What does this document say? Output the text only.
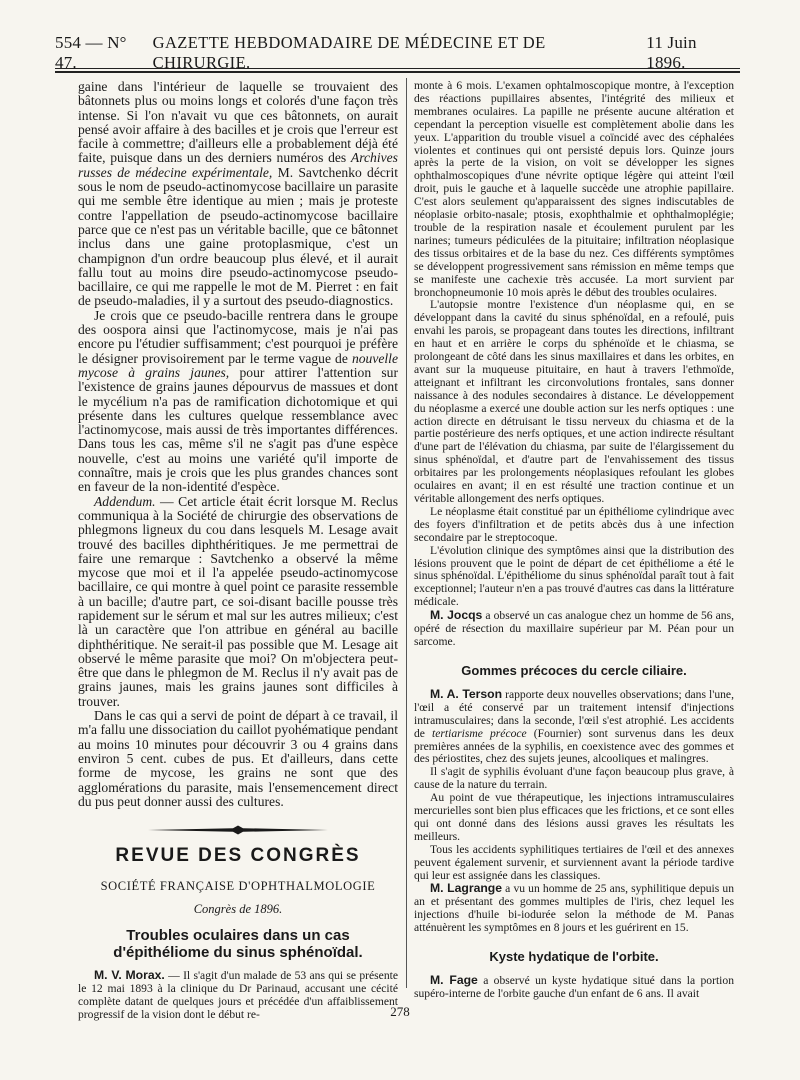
554 — N° 47.
GAZETTE HEBDOMADAIRE DE MÉDECINE ET DE CHIRURGIE.
11 Juin 1896.

gaine dans l'intérieur de laquelle se trouvaient des bâtonnets plus ou moins longs et colorés d'une façon très intense. Si l'on n'avait vu que ces bâtonnets, on aurait pensé avoir affaire à des bacilles et je crois que l'erreur est facile à commettre; d'ailleurs elle a probablement déjà été faite, puisque dans un des derniers numéros des Archives russes de médecine expérimentale, M. Savtchenko décrit sous le nom de pseudo-actinomycose bacillaire un parasite qui me semble être identique au mien ; mais je proteste contre l'appellation de pseudo-actinomycose bacillaire parce que ce n'est pas un véritable bacille, que ce bâtonnet inclus dans une gaine protoplasmique, c'est un champignon d'un ordre beaucoup plus élevé, et il aurait fallu tout au moins dire pseudo-actinomycose pseudo-bacillaire, ce qui me rappelle le mot de M. Pierret : en fait de pseudo-maladies, il y a surtout des pseudo-diagnostics.

Je crois que ce pseudo-bacille rentrera dans le groupe des oospora ainsi que l'actinomycose, mais je n'ai pas encore pu l'étudier suffisamment; c'est pourquoi je préfère le désigner provisoirement par le terme vague de nouvelle mycose à grains jaunes, pour attirer l'attention sur l'existence de grains jaunes dépourvus de massues et dont le mycélium n'a pas de ramification dichotomique et qui présente dans les cultures quelque ressemblance avec l'actinomycose, mais aussi de très importantes différences. Dans tous les cas, même s'il ne s'agit pas d'une espèce nouvelle, c'est au moins une variété qu'il importe de connaître, mais je crois que les plus grandes chances sont en faveur de la non-identité d'espèce.

Addendum. — Cet article était écrit lorsque M. Reclus communiqua à la Société de chirurgie des observations de phlegmons ligneux du cou dans lesquels M. Lesage avait trouvé des bacilles diphthéritiques. Je me permettrai de faire une remarque : Savtchenko a observé la même mycose que moi et il l'a appelée pseudo-actinomycose bacillaire, ce qui montre à quel point ce parasite ressemble à un bacille; d'autre part, ce soi-disant bacille pousse très rapidement sur le sérum et mal sur les autres milieux; c'est là un caractère que l'on attribue en général au bacille diphthéritique. Ne serait-il pas possible que M. Lesage ait observé le même parasite que moi? On m'objectera peut-être que dans le phlegmon de M. Reclus il n'y avait pas de grains jaunes, mais les grains jaunes sont difficiles à trouver.

Dans le cas qui a servi de point de départ à ce travail, il m'a fallu une dissociation du caillot pyohématique pendant au moins 10 minutes pour découvrir 3 ou 4 grains dans environ 5 cent. cubes de pus. Et d'ailleurs, dans cette forme de mycose, les grains ne sont que des agglomérations du parasite, mais l'ensemencement direct du pus peut donner aussi des cultures.

REVUE DES CONGRÈS
SOCIÉTÉ FRANÇAISE D'OPHTHALMOLOGIE
Congrès de 1896.
Troubles oculaires dans un cas d'épithéliome du sinus sphénoïdal.

M. V. Morax. — Il s'agit d'un malade de 53 ans qui se présente le 12 mai 1893 à la clinique du Dr Parinaud, accusant une cécité complète datant de quelques jours et précédée d'un affaiblissement progressif de la vision dont le début re-

monte à 6 mois. L'examen ophtalmoscopique montre, à l'exception des réactions pupillaires absentes, l'intégrité des milieux et membranes oculaires. La papille ne présente aucune altération et cependant la perception visuelle est complètement abolie dans les yeux. L'apparition du trouble visuel a coïncidé avec des céphalées violentes et continues qui ont persisté depuis lors. Quinze jours après la perte de la vision, on voit se développer les signes ophthalmoscopiques d'une névrite optique légère qui atteint l'œil droit, puis le gauche et à laquelle succède une atrophie papillaire. C'est alors seulement qu'apparaissent des signes indiscutables de néoplasie orbito-nasale; ptosis, exophthalmie et ophthalmoplégie; trouble de la respiration nasale et écoulement purulent par les narines; tumeurs pédiculées de la pituitaire; infiltration néoplasique des tissus orbitaires et de la base du nez. Ces différents symptômes se développent progressivement sans rémission en même temps que se manifeste une cachexie très accusée. La mort survient par bronchopneumonie 10 mois après le début des troubles oculaires.

L'autopsie montre l'existence d'un néoplasme qui, en se développant dans la cavité du sinus sphénoïdal, en a refoulé, puis envahi les parois, se propageant dans toutes les directions, infiltrant en haut et en arrière le corps du sphénoïde et le chiasma, se prolongeant de côté dans les sinus maxillaires et dans les orbites, en avant sur la muqueuse pituitaire, en haut à travers l'ethmoïde, atteignant et infiltrant les circonvolutions frontales, sans donner naissance à des nodules secondaires à distance. Le développement du néoplasme a exercé une double action sur les nerfs optiques : une action directe en détruisant le tissu nerveux du chiasma et de la partie postérieure des nerfs optiques, et une action indirecte résultant d'une part de l'élévation du chiasma, par suite de l'élargissement du sinus sphénoïdal, et d'autre part de l'envahissement des tissus orbitaires par les prolongements néoplasiques refoulant les globes oculaires en avant; il en est résulté une traction continue et un véritable allongement des nerfs optiques.

Le néoplasme était constitué par un épithéliome cylindrique avec des foyers d'infiltration et de petits abcès dus à une infection secondaire par le streptocoque.

L'évolution clinique des symptômes ainsi que la distribution des lésions prouvent que le point de départ de cet épithéliome a été le sinus sphénoïdal. L'épithéliome du sinus sphénoïdal paraît tout à fait exceptionnel; l'auteur n'en a pas trouvé d'autres cas dans la littérature médicale.

M. Jocqs a observé un cas analogue chez un homme de 56 ans, opéré de résection du maxillaire supérieur par M. Péan pour un sarcome.

Gommes précoces du cercle ciliaire.

M. A. Terson rapporte deux nouvelles observations; dans l'une, l'œil a été conservé par un traitement intensif d'injections intramusculaires; dans la seconde, l'œil s'est atrophié. Les accidents de tertiarisme précoce (Fournier) sont survenus dans les deux premières années de la syphilis, en coexistence avec des gommes et des périostites, chez des sujets jeunes, alcooliques et malingres.

Il s'agit de syphilis évoluant d'une façon beaucoup plus grave, à cause de la nature du terrain.

Au point de vue thérapeutique, les injections intramusculaires mercurielles sont bien plus efficaces que les frictions, et ce sont elles qui ont donné dans des lésions aussi graves les résultats les meilleurs.

Tous les accidents syphilitiques tertiaires de l'œil et des annexes peuvent également survenir, et surviennent avant la période tardive qui leur est assignée dans les classiques.

M. Lagrange a vu un homme de 25 ans, syphilitique depuis un an et présentant des gommes multiples de l'iris, chez lequel les injections d'huile bi-iodurée selon la méthode de M. Panas atténuèrent les symptômes en 8 jours et les guérirent en 15.

Kyste hydatique de l'orbite.

M. Fage a observé un kyste hydatique situé dans la portion supéro-interne de l'orbite gauche d'un enfant de 6 ans. Il avait

278
